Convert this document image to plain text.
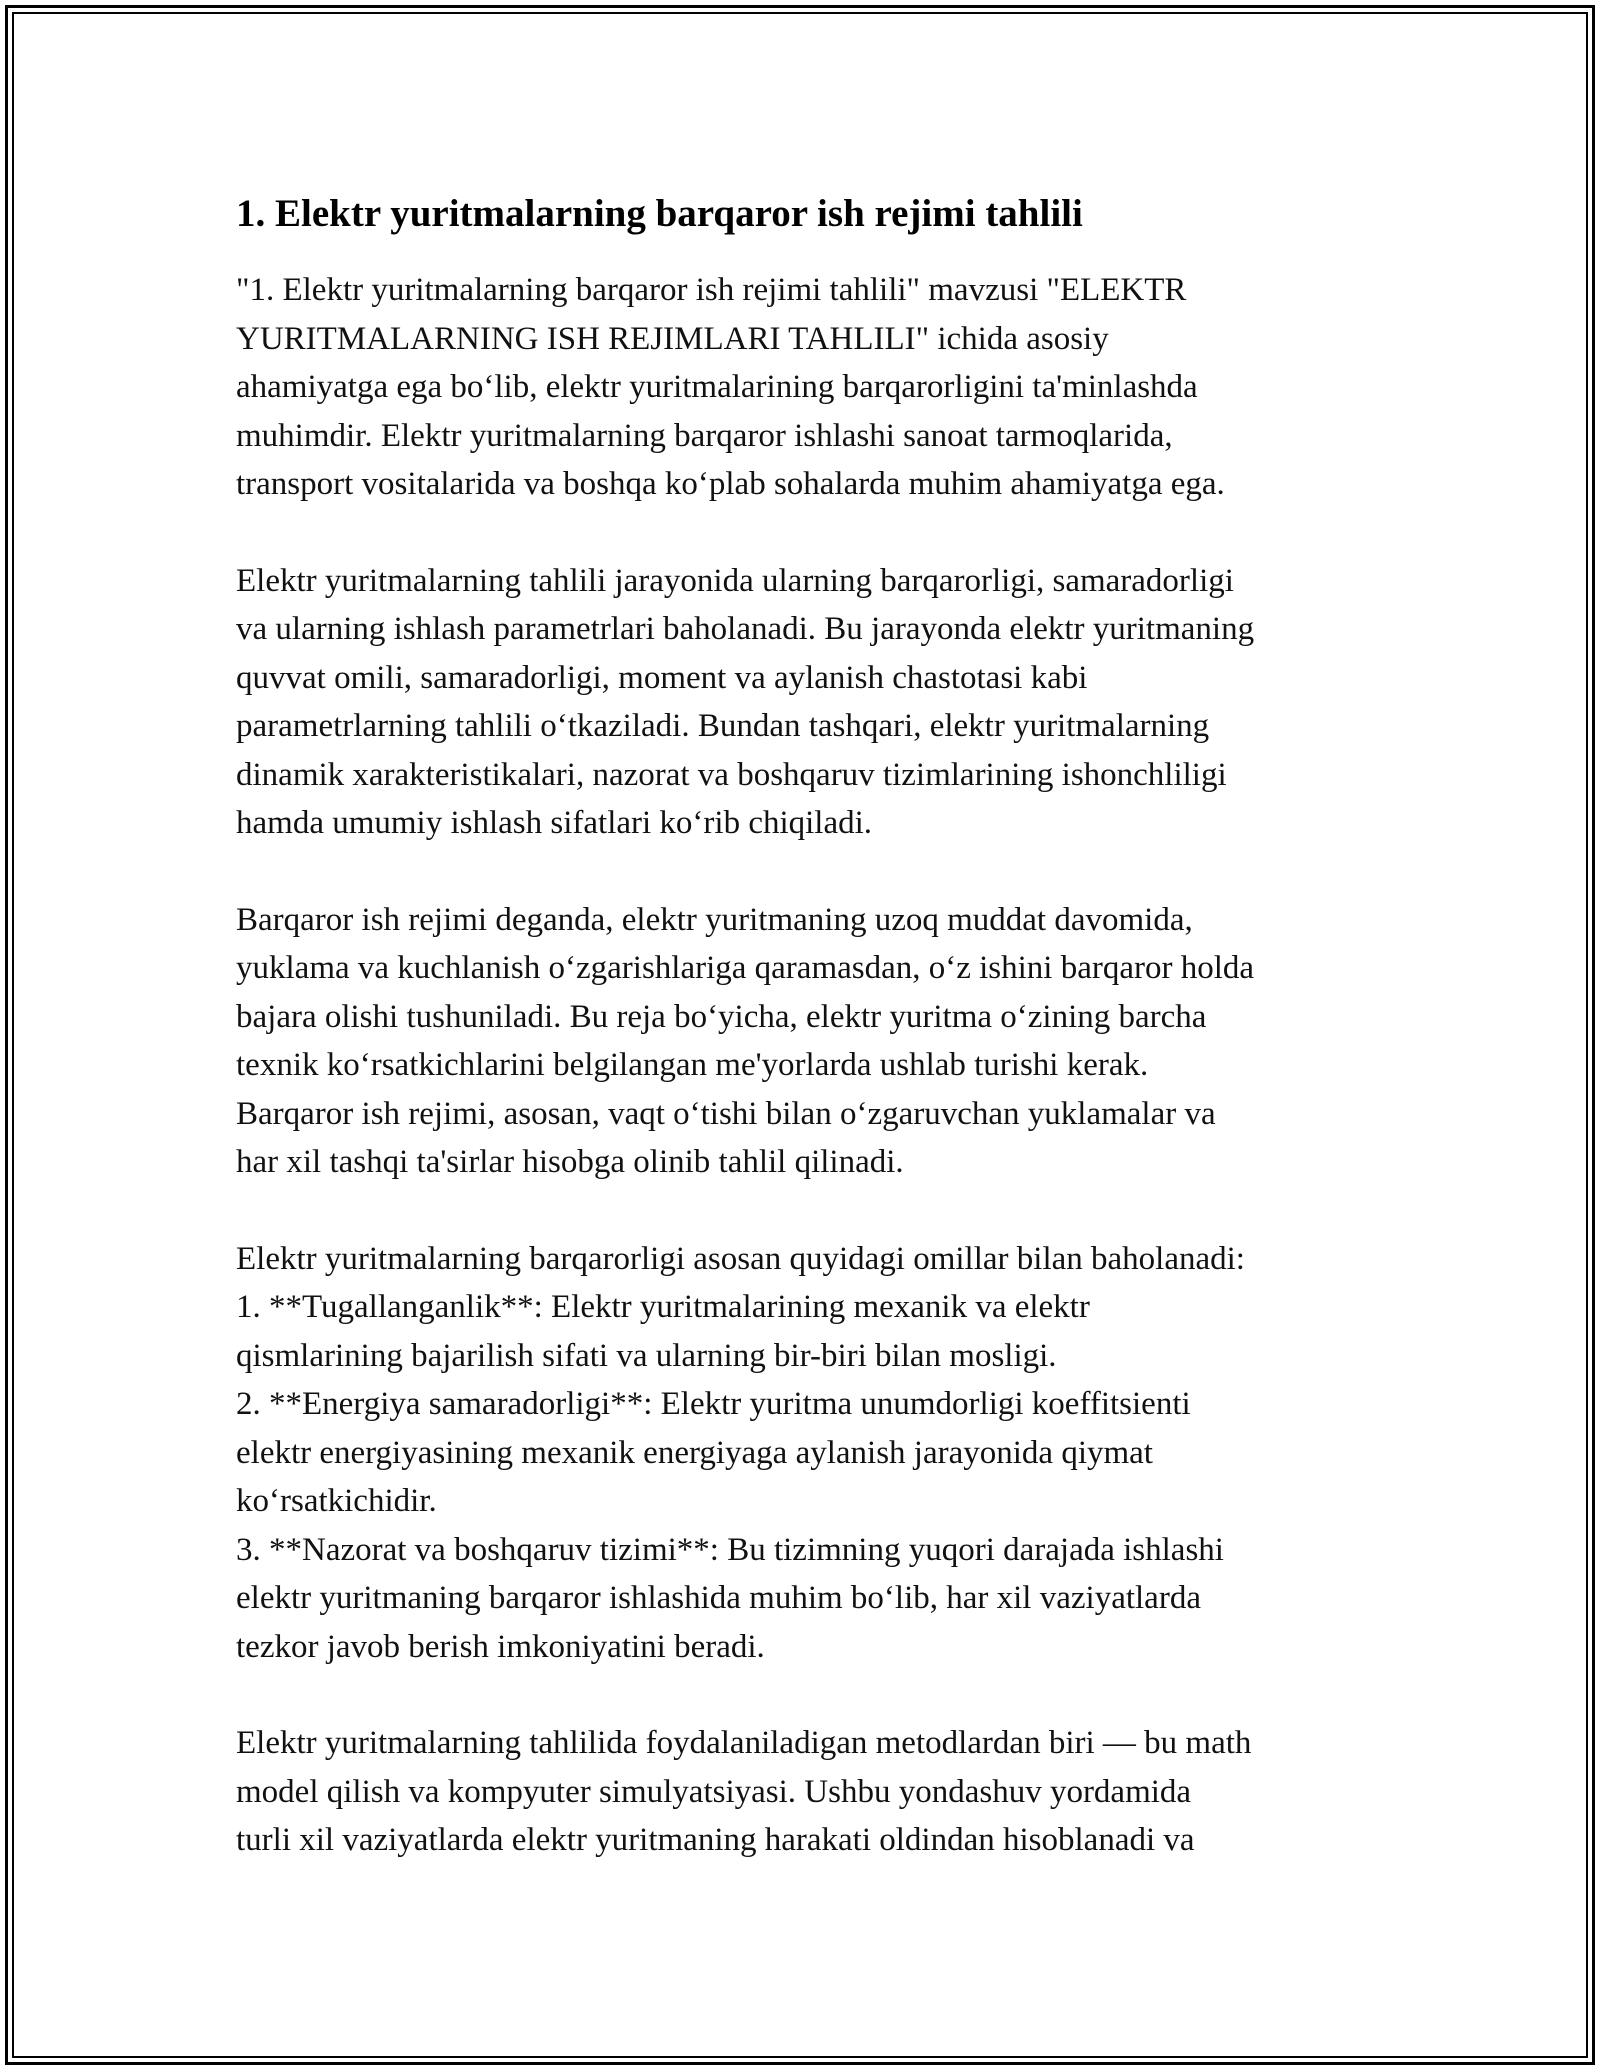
1. Elektr yuritmalarning barqaror ish rejimi tahlili
"1. Elektr yuritmalarning barqaror ish rejimi tahlili" mavzusi "ELEKTR
YURITMALARNING ISH REJIMLARI TAHLILI" ichida asosiy
ahamiyatga ega bo‘lib, elektr yuritmalarining barqarorligini ta'minlashda
muhimdir. Elektr yuritmalarning barqaror ishlashi sanoat tarmoqlarida,
transport vositalarida va boshqa ko‘plab sohalarda muhim ahamiyatga ega.
Elektr yuritmalarning tahlili jarayonida ularning barqarorligi, samaradorligi
va ularning ishlash parametrlari baholanadi. Bu jarayonda elektr yuritmaning
quvvat omili, samaradorligi, moment va aylanish chastotasi kabi
parametrlarning tahlili o‘tkaziladi. Bundan tashqari, elektr yuritmalarning
dinamik xarakteristikalari, nazorat va boshqaruv tizimlarining ishonchliligi
hamda umumiy ishlash sifatlari ko‘rib chiqiladi.
Barqaror ish rejimi deganda, elektr yuritmaning uzoq muddat davomida,
yuklama va kuchlanish o‘zgarishlariga qaramasdan, o‘z ishini barqaror holda
bajara olishi tushuniladi. Bu reja bo‘yicha, elektr yuritma o‘zining barcha
texnik ko‘rsatkichlarini belgilangan me'yorlarda ushlab turishi kerak.
Barqaror ish rejimi, asosan, vaqt o‘tishi bilan o‘zgaruvchan yuklamalar va
har xil tashqi ta'sirlar hisobga olinib tahlil qilinadi.
Elektr yuritmalarning barqarorligi asosan quyidagi omillar bilan baholanadi:
1. **Tugallanganlik**: Elektr yuritmalarining mexanik va elektr
qismlarining bajarilish sifati va ularning bir-biri bilan mosligi.
2. **Energiya samaradorligi**: Elektr yuritma unumdorligi koeffitsienti
elektr energiyasining mexanik energiyaga aylanish jarayonida qiymat
ko‘rsatkichidir.
3. **Nazorat va boshqaruv tizimi**: Bu tizimning yuqori darajada ishlashi
elektr yuritmaning barqaror ishlashida muhim bo‘lib, har xil vaziyatlarda
tezkor javob berish imkoniyatini beradi.
Elektr yuritmalarning tahlilida foydalaniladigan metodlardan biri — bu math
model qilish va kompyuter simulyatsiyasi. Ushbu yondashuv yordamida
turli xil vaziyatlarda elektr yuritmaning harakati oldindan hisoblanadi va
